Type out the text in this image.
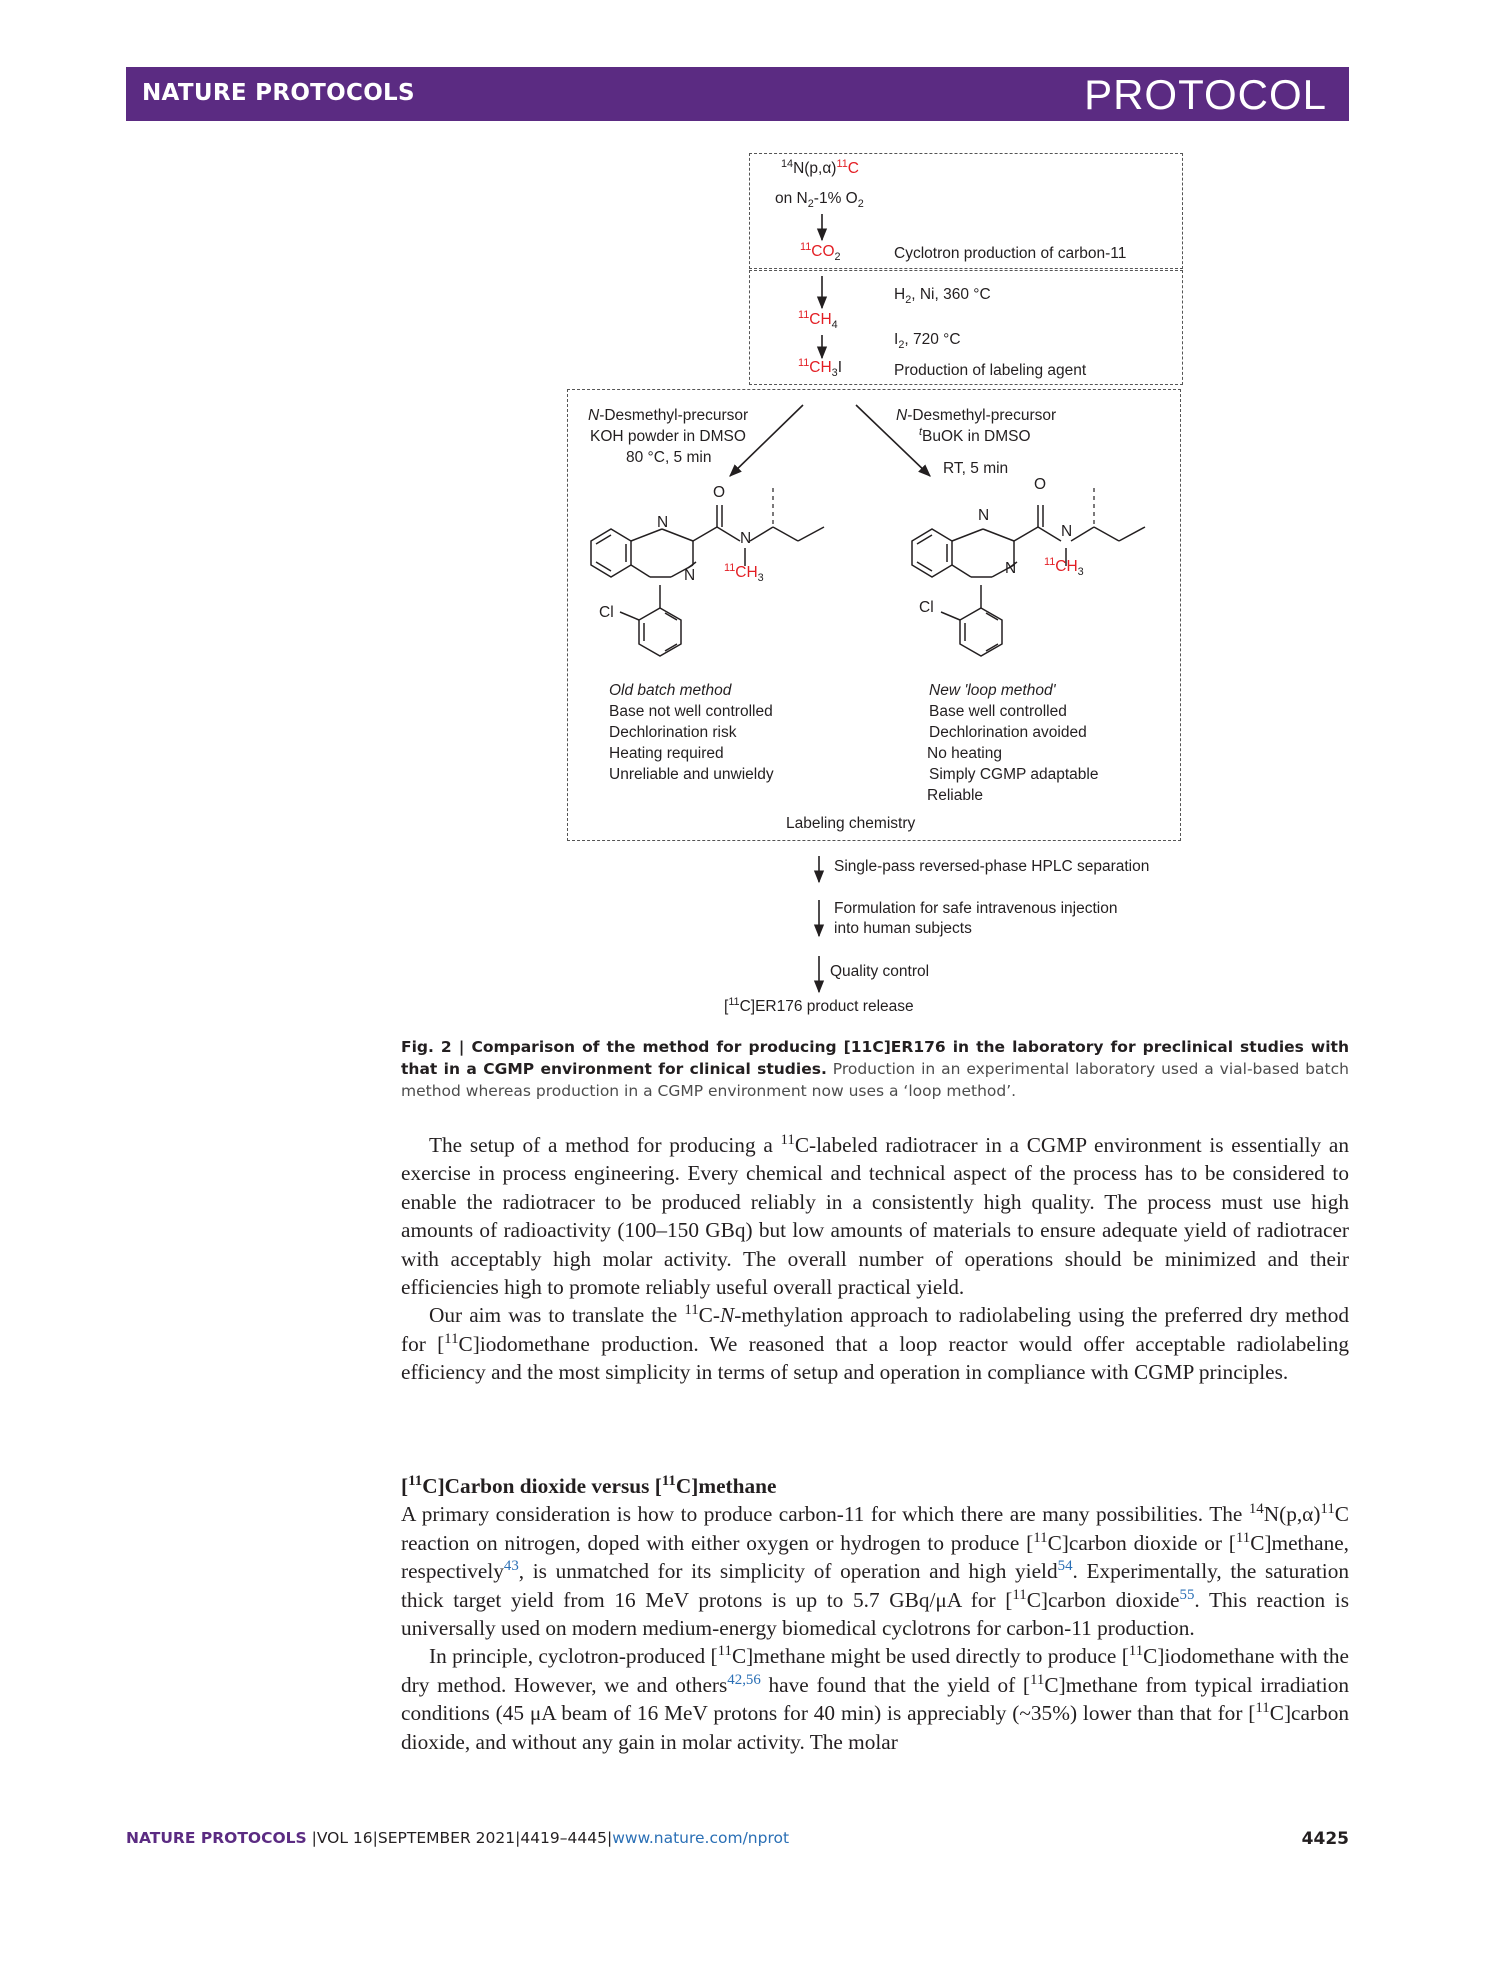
NATURE PROTOCOLS	PROTOCOL
$^{14}N(p,\alpha)^{11}C$
on $N_2-1\%$ $O_2$
$^{11}CO_2$	Cyclotron production of carbon-11
$H_2$, Ni, 360 °C
$^{11}CH_4$
$I_2$, 720 °C
$^{11}CH_3I$	Production of labeling agent
N-Desmethyl-precursor
KOH powder in DMSO
80 °C, 5 min
N-Desmethyl-precursor
$^t$BuOK in DMSO
RT, 5 min
O
N
N
N	$^{11}CH_3$
Cl
O
N
N
N	$^{11}CH_3$
Cl
Old batch method
Base not well controlled
Dechlorination risk
Heating required
Unreliable and unwieldy
New 'loop method'
Base well controlled
Dechlorination avoided
No heating
Simply CGMP adaptable
Reliable
Labeling chemistry
Single-pass reversed-phase HPLC separation
Formulation for safe intravenous injection
into human subjects
Quality control
[$^{11}$C]ER176 product release
Fig. 2 | Comparison of the method for producing [11C]ER176 in the laboratory for preclinical studies with that in a CGMP environment for clinical studies. Production in an experimental laboratory used a vial-based batch method whereas production in a CGMP environment now uses a ‘loop method’.

The setup of a method for producing a $^{11}$C-labeled radiotracer in a CGMP environment is essentially an exercise in process engineering. Every chemical and technical aspect of the process has to be considered to enable the radiotracer to be produced reliably in a consistently high quality. The process must use high amounts of radioactivity (100–150 GBq) but low amounts of materials to ensure adequate yield of radiotracer with acceptably high molar activity. The overall number of operations should be minimized and their efficiencies high to promote reliably useful overall practical yield.

Our aim was to translate the $^{11}$C-N-methylation approach to radiolabeling using the preferred dry method for [$^{11}$C]iodomethane production. We reasoned that a loop reactor would offer acceptable radiolabeling efficiency and the most simplicity in terms of setup and operation in compliance with CGMP principles.

[$^{11}$C]Carbon dioxide versus [$^{11}$C]methane

A primary consideration is how to produce carbon-11 for which there are many possibilities. The $^{14}N(p,\alpha)^{11}C$ reaction on nitrogen, doped with either oxygen or hydrogen to produce [$^{11}$C]carbon dioxide or [$^{11}$C]methane, respectively$^{43}$, is unmatched for its simplicity of operation and high yield$^{54}$. Experimentally, the saturation thick target yield from 16 MeV protons is up to 5.7 GBq/μA for [$^{11}$C]carbon dioxide$^{55}$. This reaction is universally used on modern medium-energy biomedical cyclotrons for carbon-11 production.

In principle, cyclotron-produced [$^{11}$C]methane might be used directly to produce [$^{11}$C]iodomethane with the dry method. However, we and others$^{42,56}$ have found that the yield of [$^{11}$C]methane from typical irradiation conditions (45 μA beam of 16 MeV protons for 40 min) is appreciably (~35%) lower than that for [$^{11}$C]carbon dioxide, and without any gain in molar activity. The molar

NATURE PROTOCOLS |VOL 16|SEPTEMBER 2021|4419–4445|www.nature.com/nprot	4425
